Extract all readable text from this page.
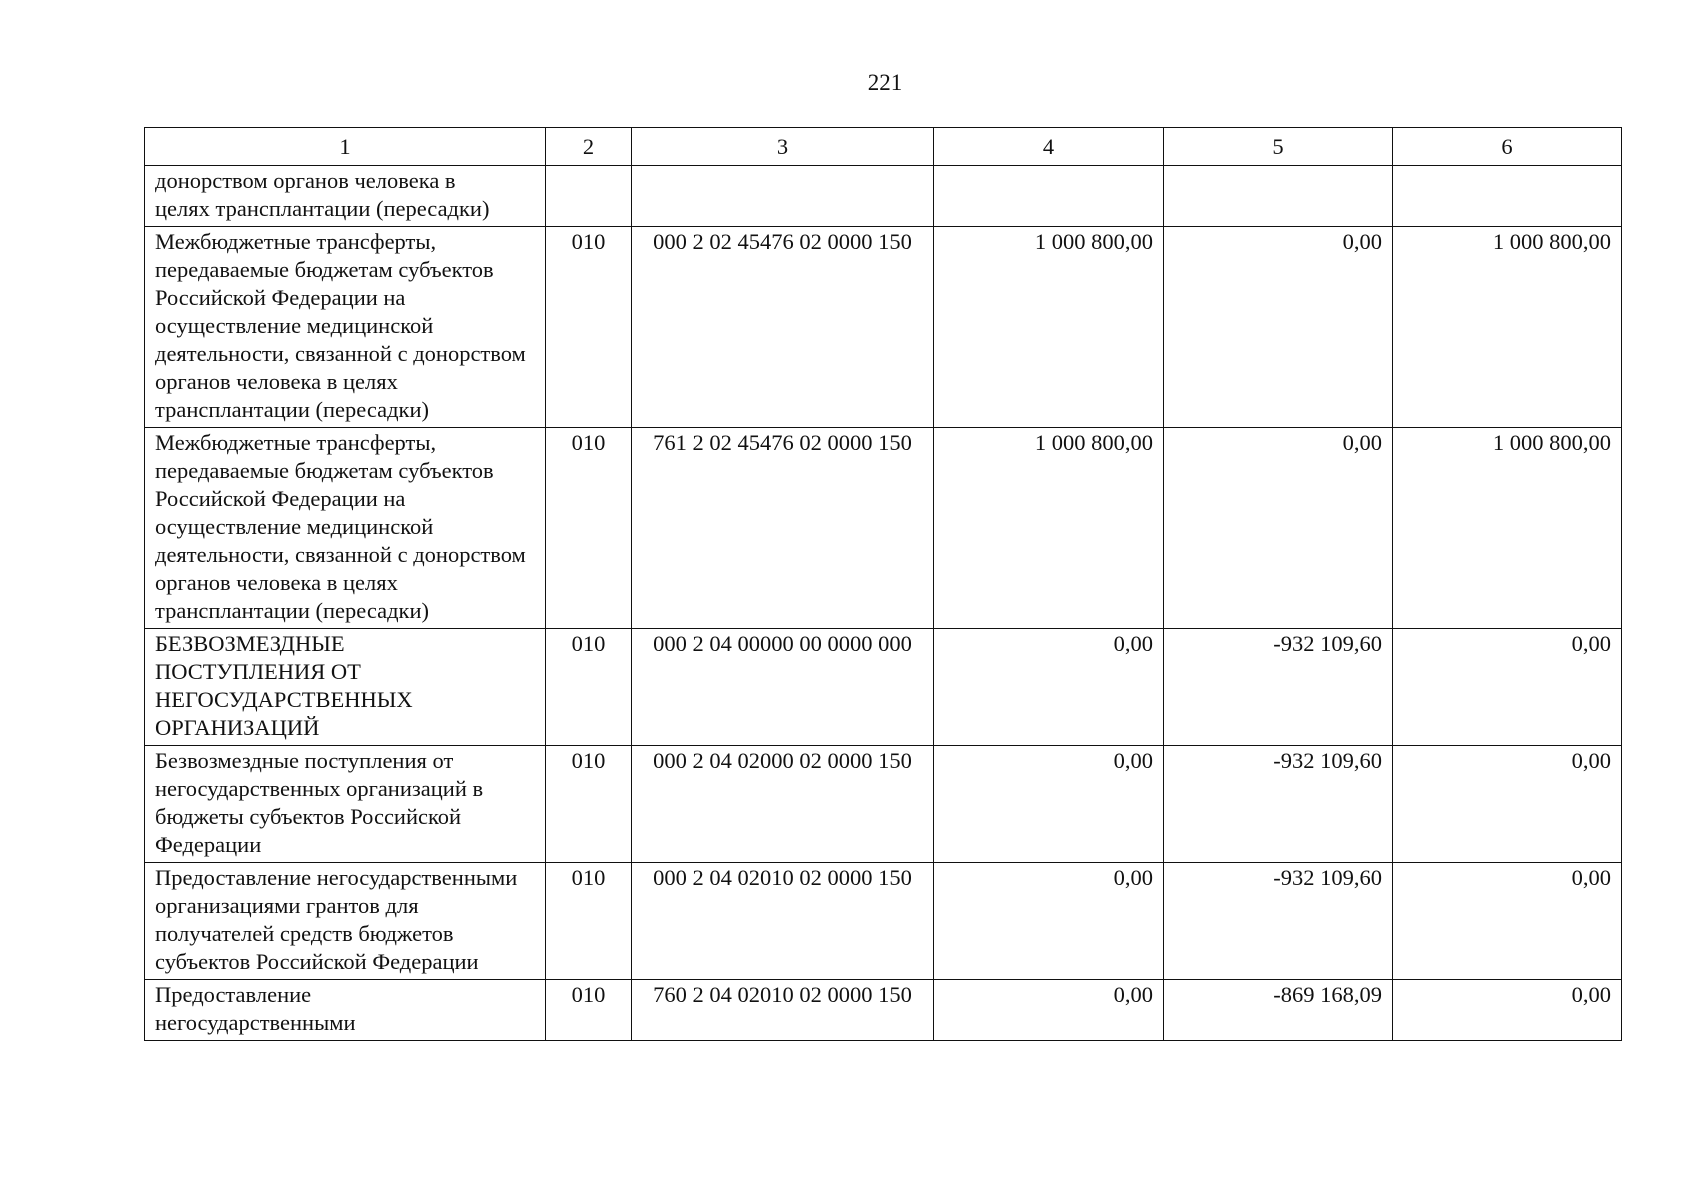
221
1	2	3	4	5	6
донорством органов человека в целях трансплантации (пересадки)					
Межбюджетные трансферты, передаваемые бюджетам субъектов Российской Федерации на осуществление медицинской деятельности, связанной с донорством органов человека в целях трансплантации (пересадки)	010	000 2 02 45476 02 0000 150	1 000 800,00	0,00	1 000 800,00
Межбюджетные трансферты, передаваемые бюджетам субъектов Российской Федерации на осуществление медицинской деятельности, связанной с донорством органов человека в целях трансплантации (пересадки)	010	761 2 02 45476 02 0000 150	1 000 800,00	0,00	1 000 800,00
БЕЗВОЗМЕЗДНЫЕ ПОСТУПЛЕНИЯ ОТ НЕГОСУДАРСТВЕННЫХ ОРГАНИЗАЦИЙ	010	000 2 04 00000 00 0000 000	0,00	-932 109,60	0,00
Безвозмездные поступления от негосударственных организаций в бюджеты субъектов Российской Федерации	010	000 2 04 02000 02 0000 150	0,00	-932 109,60	0,00
Предоставление негосударственными организациями грантов для получателей средств бюджетов субъектов Российской Федерации	010	000 2 04 02010 02 0000 150	0,00	-932 109,60	0,00
Предоставление негосударственными	010	760 2 04 02010 02 0000 150	0,00	-869 168,09	0,00
